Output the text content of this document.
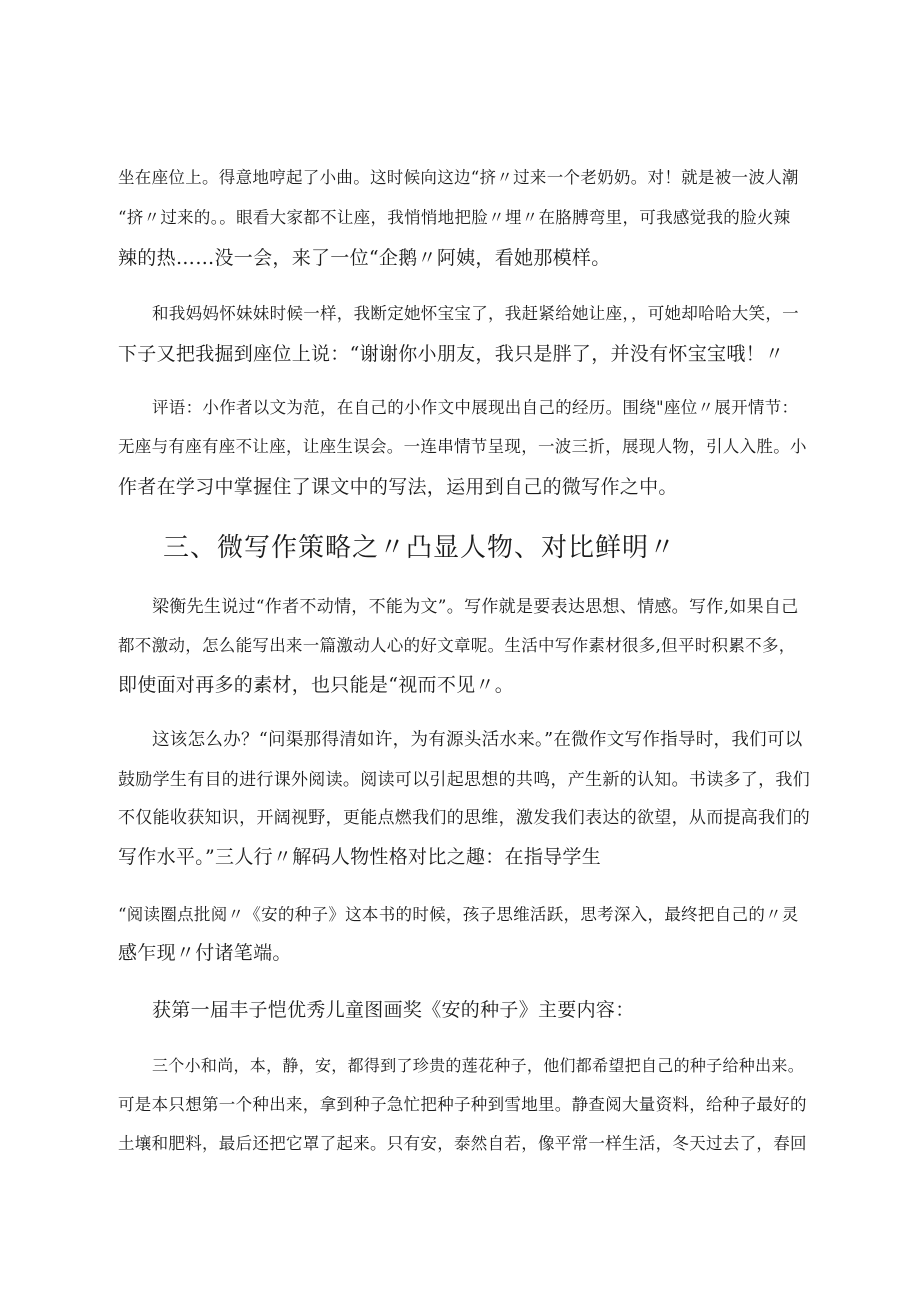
坐在座位上。得意地哼起了小曲。这时候向这边“挤〃过来一个老奶奶。对！就是被一波人潮
“挤〃过来的。。眼看大家都不让座，我悄悄地把脸〃埋〃在胳膊弯里，可我感觉我的脸火辣
辣的热……没一会，来了一位“企鹅〃阿姨，看她那模样。
和我妈妈怀妹妹时候一样，我断定她怀宝宝了，我赶紧给她让座，，可她却哈哈大笑，一
下子又把我掘到座位上说：“谢谢你小朋友，我只是胖了，并没有怀宝宝哦！〃
评语：小作者以文为范，在自己的小作文中展现出自己的经历。围绕"座位〃展开情节：
无座与有座有座不让座，让座生误会。一连串情节呈现，一波三折，展现人物，引人入胜。小
作者在学习中掌握住了课文中的写法，运用到自己的微写作之中。
三、微写作策略之〃凸显人物、对比鲜明〃
梁衡先生说过“作者不动情，不能为文”。写作就是要表达思想、情感。写作,如果自己
都不激动，怎么能写出来一篇激动人心的好文章呢。生活中写作素材很多,但平时积累不多，
即使面对再多的素材，也只能是“视而不见〃。
这该怎么办？“问渠那得清如许，为有源头活水来。”在微作文写作指导时，我们可以
鼓励学生有目的进行课外阅读。阅读可以引起思想的共鸣，产生新的认知。书读多了，我们
不仅能收获知识，开阔视野，更能点燃我们的思维，激发我们表达的欲望，从而提高我们的
写作水平。”三人行〃解码人物性格对比之趣：在指导学生
“阅读圈点批阅〃《安的种子》这本书的时候，孩子思维活跃，思考深入，最终把自己的〃灵
感乍现〃付诸笔端。
获第一届丰子恺优秀儿童图画奖《安的种子》主要内容：
三个小和尚，本，静，安，都得到了珍贵的莲花种子，他们都希望把自己的种子给种出来。
可是本只想第一个种出来，拿到种子急忙把种子种到雪地里。静查阅大量资料，给种子最好的
土壤和肥料，最后还把它罩了起来。只有安，泰然自若，像平常一样生活，冬天过去了，春回
